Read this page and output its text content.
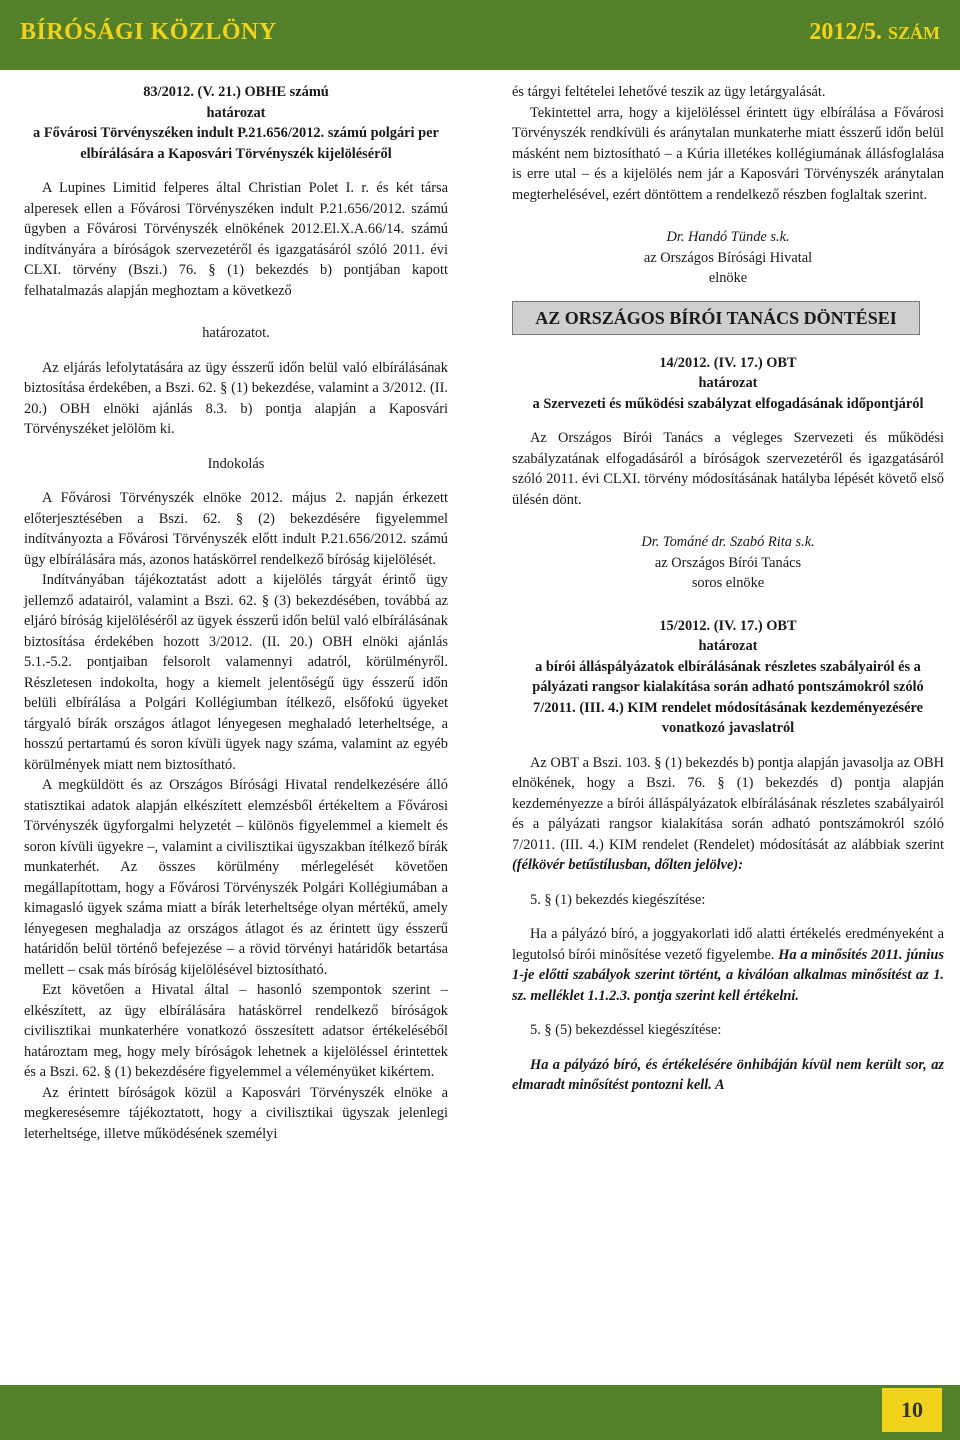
BÍRÓSÁGI KÖZLÖNY	2012/5. SZÁM

83/2012. (V. 21.) OBHE számú

határozat

a Fővárosi Törvényszéken indult P.21.656/2012. számú polgári per elbírálására a Kaposvári Törvényszék kijelöléséről

A Lupines Limitid felperes által Christian Polet I. r. és két társa alperesek ellen a Fővárosi Törvényszéken indult P.21.656/2012. számú ügyben a Fővárosi Törvényszék elnökének 2012.El.X.A.66/14. számú indítványára a bíróságok szervezetéről és igazgatásáról szóló 2011. évi CLXI. törvény (Bszi.) 76. § (1) bekezdés b) pontjában kapott felhatalmazás alapján meghoztam a következő

határozatot.

Az eljárás lefolytatására az ügy ésszerű időn belül való elbírálásának biztosítása érdekében, a Bszi. 62. § (1) bekezdése, valamint a 3/2012. (II. 20.) OBH elnöki ajánlás 8.3. b) pontja alapján a Kaposvári Törvényszéket jelölöm ki.

Indokolás

A Fővárosi Törvényszék elnöke 2012. május 2. napján érkezett előterjesztésében a Bszi. 62. § (2) bekezdésére figyelemmel indítványozta a Fővárosi Törvényszék előtt indult P.21.656/2012. számú ügy elbírálására más, azonos hatáskörrel rendelkező bíróság kijelölését.

Indítványában tájékoztatást adott a kijelölés tárgyát érintő ügy jellemző adatairól, valamint a Bszi. 62. § (3) bekezdésében, továbbá az eljáró bíróság kijelöléséről az ügyek ésszerű időn belül való elbírálásának biztosítása érdekében hozott 3/2012. (II. 20.) OBH elnöki ajánlás 5.1.-5.2. pontjaiban felsorolt valamennyi adatról, körülményről. Részletesen indokolta, hogy a kiemelt jelentőségű ügy ésszerű időn belüli elbírálása a Polgári Kollégiumban ítélkező, elsőfokú ügyeket tárgyaló bírák országos átlagot lényegesen meghaladó leterheltsége, a hosszú pertartamú és soron kívüli ügyek nagy száma, valamint az egyéb körülmények miatt nem biztosítható.

A megküldött és az Országos Bírósági Hivatal rendelkezésére álló statisztikai adatok alapján elkészített elemzésből értékeltem a Fővárosi Törvényszék ügyforgalmi helyzetét – különös figyelemmel a kiemelt és soron kívüli ügyekre –, valamint a civilisztikai ügyszakban ítélkező bírák munkaterhét. Az összes körülmény mérlegelését követően megállapítottam, hogy a Fővárosi Törvényszék Polgári Kollégiumában a kimagasló ügyek száma miatt a bírák leterheltsége olyan mértékű, amely lényegesen meghaladja az országos átlagot és az érintett ügy ésszerű határidőn belül történő befejezése – a rövid törvényi határidők betartása mellett – csak más bíróság kijelölésével biztosítható.

Ezt követően a Hivatal által – hasonló szempontok szerint – elkészített, az ügy elbírálására hatáskörrel rendelkező bíróságok civilisztikai munkaterhére vonatkozó összesített adatsor értékeléséből határoztam meg, hogy mely bíróságok lehetnek a kijelöléssel érintettek és a Bszi. 62. § (1) bekezdésére figyelemmel a véleményüket kikértem.

Az érintett bíróságok közül a Kaposvári Törvényszék elnöke a megkeresésemre tájékoztatott, hogy a civilisztikai ügyszak jelenlegi leterheltsége, illetve működésének személyi

és tárgyi feltételei lehetővé teszik az ügy letárgyalását.

Tekintettel arra, hogy a kijelöléssel érintett ügy elbírálása a Fővárosi Törvényszék rendkívüli és aránytalan munkaterhe miatt ésszerű időn belül másként nem biztosítható – a Kúria illetékes kollégiumának állásfoglalása is erre utal – és a kijelölés nem jár a Kaposvári Törvényszék aránytalan megterhelésével, ezért döntöttem a rendelkező részben foglaltak szerint.

Dr. Handó Tünde s.k.

az Országos Bírósági Hivatal

elnöke

AZ ORSZÁGOS BÍRÓI TANÁCS DÖNTÉSEI

14/2012. (IV. 17.) OBT

határozat

a Szervezeti és működési szabályzat elfogadásának időpontjáról

Az Országos Bírói Tanács a végleges Szervezeti és működési szabályzatának elfogadásáról a bíróságok szervezetéről és igazgatásáról szóló 2011. évi CLXI. törvény módosításának hatályba lépését követő első ülésén dönt.

Dr. Tománé dr. Szabó Rita s.k.

az Országos Bírói Tanács

soros elnöke

15/2012. (IV. 17.) OBT

határozat

a bírói álláspályázatok elbírálásának részletes szabályairól és a pályázati rangsor kialakítása során adható pontszámokról szóló 7/2011. (III. 4.) KIM rendelet módosításának kezdeményezésére vonatkozó javaslatról

Az OBT a Bszi. 103. § (1) bekezdés b) pontja alapján javasolja az OBH elnökének, hogy a Bszi. 76. § (1) bekezdés d) pontja alapján kezdeményezze a bírói álláspályázatok elbírálásának részletes szabályairól és a pályázati rangsor kialakítása során adható pontszámokról szóló 7/2011. (III. 4.) KIM rendelet (Rendelet) módosítását az alábbiak szerint (félkövér betűstílusban, dőlten jelölve):

5. § (1) bekezdés kiegészítése:

Ha a pályázó bíró, a joggyakorlati idő alatti értékelés eredményeként a legutolsó bírói minősítése vezető figyelembe. Ha a minősítés 2011. június 1-je előtti szabályok szerint történt, a kiválóan alkalmas minősítést az 1. sz. melléklet 1.1.2.3. pontja szerint kell értékelni.

5. § (5) bekezdéssel kiegészítése:

Ha a pályázó bíró, és értékelésére önhibáján kívül nem került sor, az elmaradt minősítést pontozni kell. A

10
